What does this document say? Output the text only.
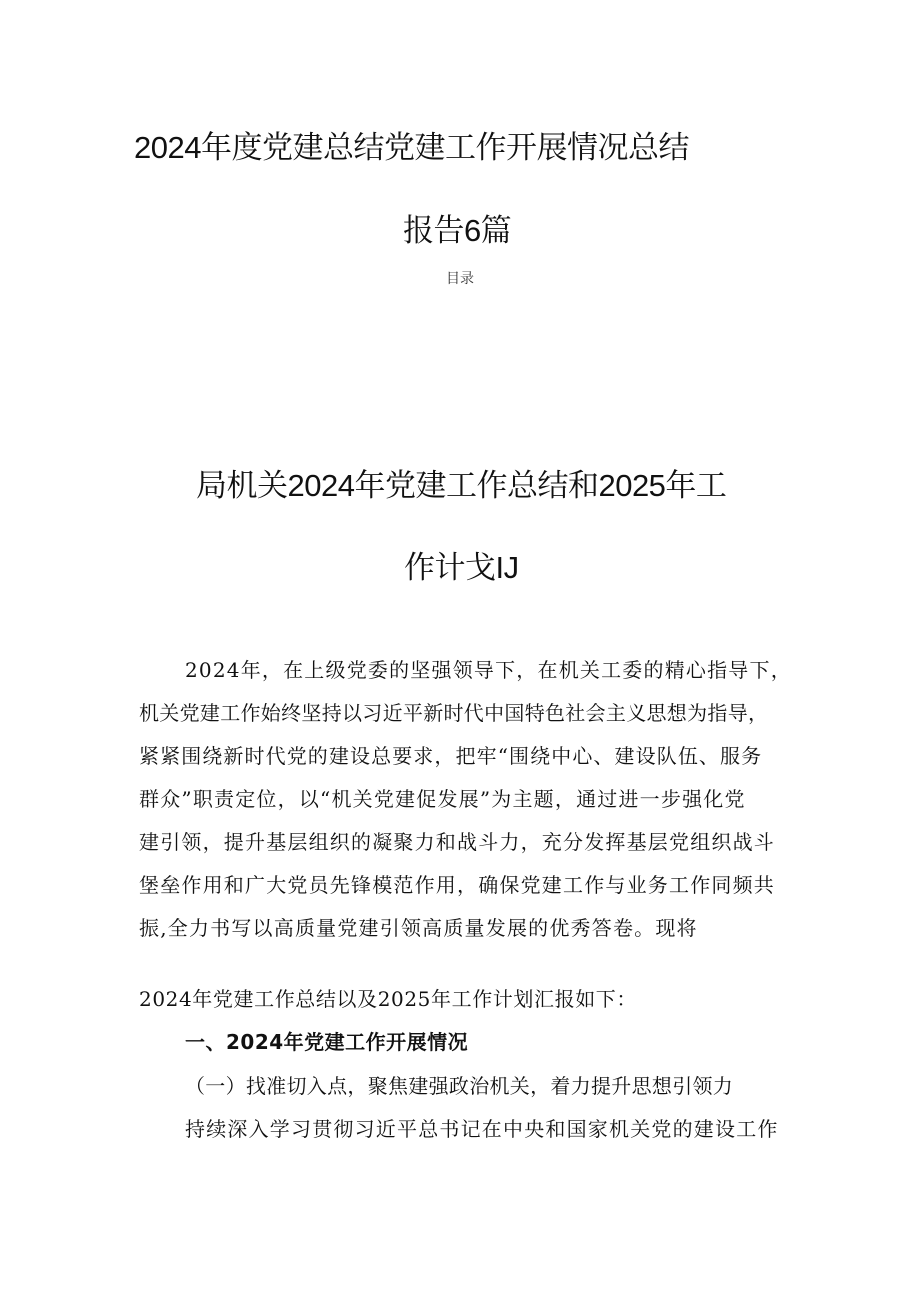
2024年度党建总结党建工作开展情况总结
报告6篇
目录
局机关2024年党建工作总结和2025年工
作计戈IJ

2024年，在上级党委的坚强领导下，在机关工委的精心指导下，

机关党建工作始终坚持以习近平新时代中国特色社会主义思想为指导，

紧紧围绕新时代党的建设总要求，把牢“围绕中心、建设队伍、服务

群众”职责定位，以“机关党建促发展”为主题，通过进一步强化党

建引领，提升基层组织的凝聚力和战斗力，充分发挥基层党组织战斗

堡垒作用和广大党员先锋模范作用，确保党建工作与业务工作同频共

振,全力书写以高质量党建引领高质量发展的优秀答卷。现将

2024年党建工作总结以及2025年工作计划汇报如下：

一、2024年党建工作开展情况

（一）找准切入点，聚焦建强政治机关，着力提升思想引领力

持续深入学习贯彻习近平总书记在中央和国家机关党的建设工作
